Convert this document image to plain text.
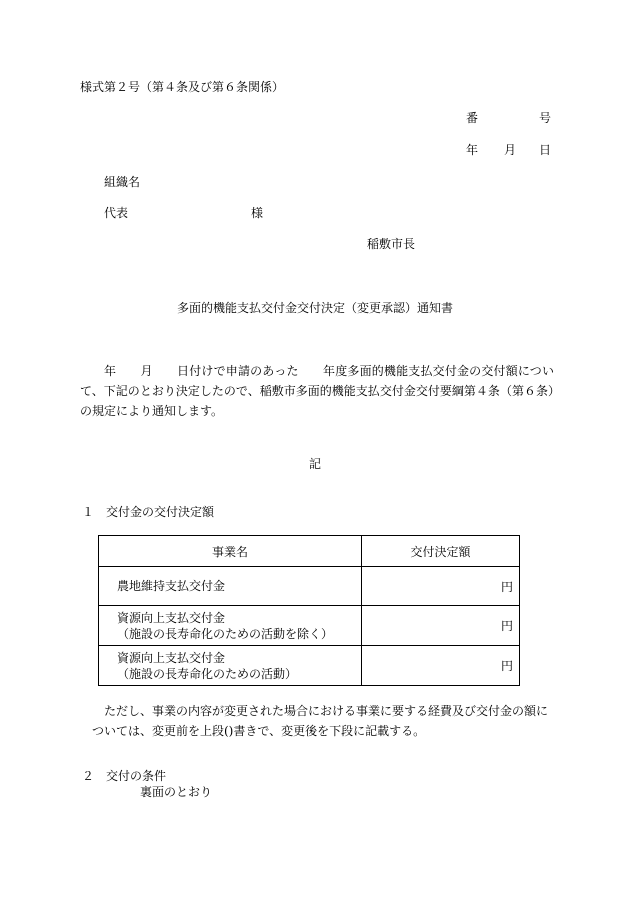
様式第２号（第４条及び第６条関係）
番	号
年 月 日
組織名
代表	様
稲敷市長
多面的機能支払交付金交付決定（変更承認）通知書
年　　月　　日付けで申請のあった　　年度多面的機能支払交付金の交付額について、下記のとおり決定したので、稲敷市多面的機能支払交付金交付要綱第４条（第６条）の規定により通知します。
記
１　交付金の交付決定額
事業名	交付決定額

農地維持支払交付金	円

資源向上支払交付金
（施設の長寿命化のための活動を除く）	円

資源向上支払交付金
（施設の長寿命化のための活動）	円
ただし、事業の内容が変更された場合における事業に要する経費及び交付金の額に
ついては、変更前を上段()書きで、変更後を下段に記載する。
２　交付の条件
裏面のとおり
